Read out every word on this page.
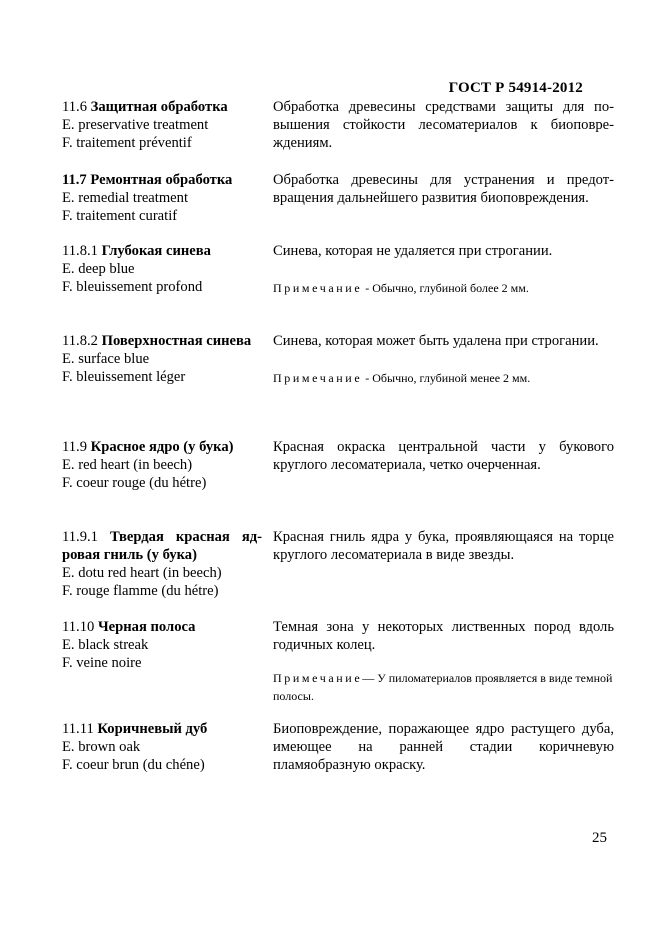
ГОСТ Р 54914-2012
11.6 Защитная обработка
E. preservative treatment
F. traitement préventif
Обработка древесины средствами защиты для повышения стойкости лесоматериалов к биоповреждениям.
11.7 Ремонтная обработка
E. remedial treatment
F. traitement curatif
Обработка древесины для устранения и предотвращения дальнейшего развития биоповреждения.
11.8.1 Глубокая синева
E. deep blue
F. bleuissement profond
Синева, которая не удаляется при строгании.
Примечание - Обычно, глубиной более 2 мм.
11.8.2 Поверхностная синева
E. surface blue
F. bleuissement léger
Синева, которая может быть удалена при строгании.
Примечание - Обычно, глубиной менее 2 мм.
11.9 Красное ядро (у бука)
E. red heart (in beech)
F. coeur rouge (du hétre)
Красная окраска центральной части у букового круглого лесоматериала, четко очерченная.
11.9.1 Твердая красная ядровая гниль (у бука)
E. dotu red heart (in beech)
F. rouge flamme (du hétre)
Красная гниль ядра у бука, проявляющаяся на торце круглого лесоматериала в виде звезды.
11.10 Черная полоса
E. black streak
F. veine noire
Темная зона у некоторых лиственных пород вдоль годичных колец.
Примечание— У пиломатериалов проявляется в виде темной полосы.
11.11 Коричневый дуб
E. brown oak
F. coeur brun (du chéne)
Биоповреждение, поражающее ядро растущего дуба, имеющее на ранней стадии коричневую пламяобразную окраску.
25
